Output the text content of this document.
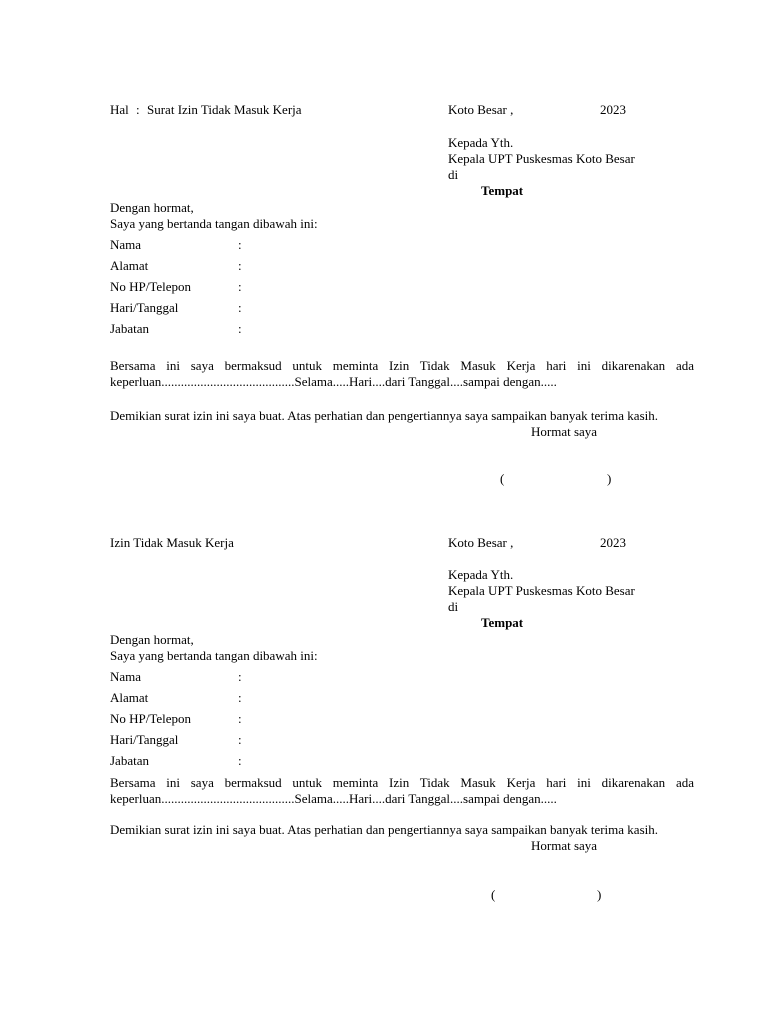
Hal : Surat Izin Tidak Masuk Kerja	Koto Besar ,	2023
Kepada Yth.
Kepala UPT Puskesmas Koto Besar
di
Tempat
Dengan hormat,
Saya yang bertanda tangan dibawah ini:
Nama	:
Alamat	:
No HP/Telepon	:
Hari/Tanggal	:
Jabatan	:
Bersama ini saya bermaksud untuk meminta Izin Tidak Masuk Kerja hari ini dikarenakan ada
keperluan.........................................Selama.....Hari....dari Tanggal....sampai dengan.....
Demikian surat izin ini saya buat. Atas perhatian dan pengertiannya saya sampaikan banyak terima kasih.
Hormat saya
(	)
Izin Tidak Masuk Kerja	Koto Besar ,	2023
Kepada Yth.
Kepala UPT Puskesmas Koto Besar
di
Tempat
Dengan hormat,
Saya yang bertanda tangan dibawah ini:
Nama	:
Alamat	:
No HP/Telepon	:
Hari/Tanggal	:
Jabatan	:
Bersama ini saya bermaksud untuk meminta Izin Tidak Masuk Kerja hari ini dikarenakan ada
keperluan.........................................Selama.....Hari....dari Tanggal....sampai dengan.....
Demikian surat izin ini saya buat. Atas perhatian dan pengertiannya saya sampaikan banyak terima kasih.
Hormat saya
(	)
